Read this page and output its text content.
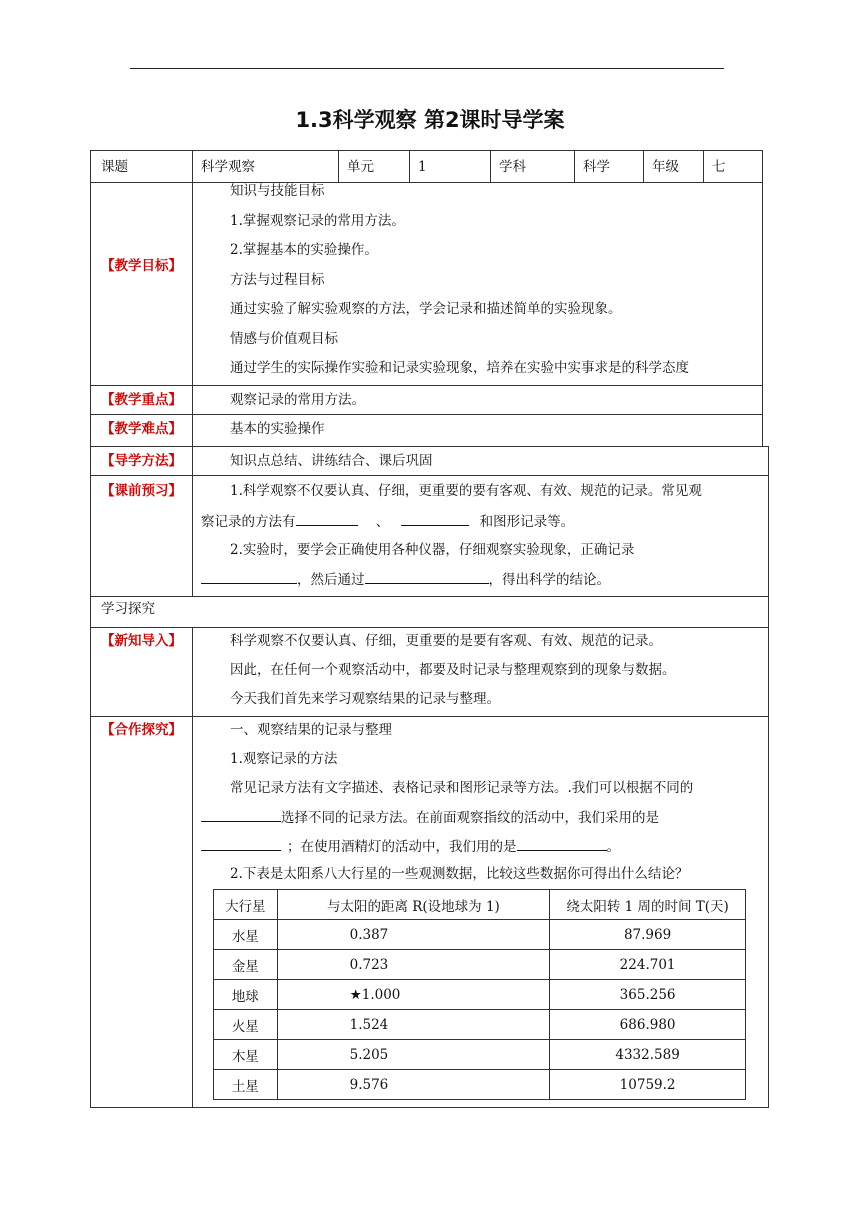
1.3科学观察 第2课时导学案
课题	科学观察	单元	1	学科	科学	年级 七
【教学目标】
知识与技能目标
1.掌握观察记录的常用方法。
2.掌握基本的实验操作。
方法与过程目标
通过实验了解实验观察的方法，学会记录和描述简单的实验现象。
情感与价值观目标
通过学生的实际操作实验和记录实验现象，培养在实验中实事求是的科学态度
【教学重点】	观察记录的常用方法。
【教学难点】	基本的实验操作
【导学方法】	知识点总结、讲练结合、课后巩固
【课前预习】	1.科学观察不仅要认真、仔细，更重要的要有客观、有效、规范的记录。常见观
察记录的方法有	、	和图形记录等。
2.实验时，要学会正确使用各种仪器，仔细观察实验现象，正确记录
，然后通过	，得出科学的结论。
学习探究
【新知导入】	科学观察不仅要认真、仔细，更重要的是要有客观、有效、规范的记录。
因此，在任何一个观察活动中，都要及时记录与整理观察到的现象与数据。
今天我们首先来学习观察结果的记录与整理。
【合作探究】	一、观察结果的记录与整理
1.观察记录的方法
常见记录方法有文字描述、表格记录和图形记录等方法。.我们可以根据不同的
选择不同的记录方法。在前面观察指纹的活动中，我们采用的是
；在使用酒精灯的活动中，我们用的是	。
2.下表是太阳系八大行星的一些观测数据，比较这些数据你可得出什么结论？
大行星	与太阳的距离 R(设地球为 1)	绕太阳转 1 周的时间 T(天)
水星	0.387	87.969
金星	0.723	224.701
地球	★1.000	365.256
火星	1.524	686.980
木星	5.205	4332.589
土星	9.576	10759.2
